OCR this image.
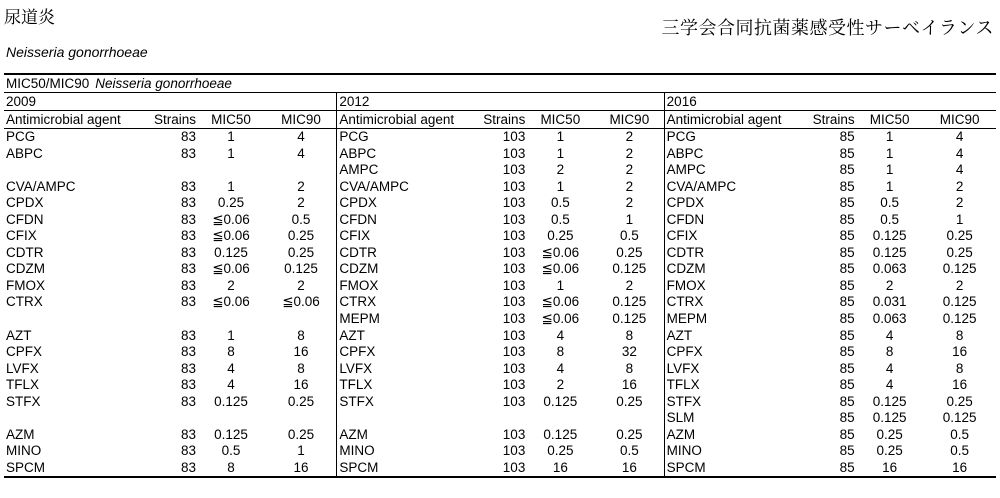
尿道炎
三学会合同抗菌薬感受性サーベイランス
Neisseria gonorrhoeae
MIC50/MIC90 Neisseria gonorrhoeae
2009
Antimicrobial agent	Strains	MIC50	MIC90
PCG	83	1	4
ABPC	83	1	4
CVA/AMPC	83	1	2
CPDX	83	0.25	2
CFDN	83	≦0.06	0.5
CFIX	83	≦0.06	0.25
CDTR	83	0.125	0.25
CDZM	83	≦0.06	0.125
FMOX	83	2	2
CTRX	83	≦0.06	≦0.06
AZT	83	1	8
CPFX	83	8	16
LVFX	83	4	8
TFLX	83	4	16
STFX	83	0.125	0.25
AZM	83	0.125	0.25
MINO	83	0.5	1
SPCM	83	8	16
2012
Antimicrobial agent	Strains	MIC50	MIC90
PCG	103	1	2
ABPC	103	1	2
AMPC	103	2	2
CVA/AMPC	103	1	2
CPDX	103	0.5	2
CFDN	103	0.5	1
CFIX	103	0.25	0.5
CDTR	103	≦0.06	0.25
CDZM	103	≦0.06	0.125
FMOX	103	1	2
CTRX	103	≦0.06	0.125
MEPM	103	≦0.06	0.125
AZT	103	4	8
CPFX	103	8	32
LVFX	103	4	8
TFLX	103	2	16
STFX	103	0.125	0.25
AZM	103	0.125	0.25
MINO	103	0.25	0.5
SPCM	103	16	16
2016
Antimicrobial agent	Strains	MIC50	MIC90
PCG	85	1	4
ABPC	85	1	4
AMPC	85	1	4
CVA/AMPC	85	1	2
CPDX	85	0.5	2
CFDN	85	0.5	1
CFIX	85	0.125	0.25
CDTR	85	0.125	0.25
CDZM	85	0.063	0.125
FMOX	85	2	2
CTRX	85	0.031	0.125
MEPM	85	0.063	0.125
AZT	85	4	8
CPFX	85	8	16
LVFX	85	4	8
TFLX	85	4	16
STFX	85	0.125	0.25
SLM	85	0.125	0.125
AZM	85	0.25	0.5
MINO	85	0.25	0.5
SPCM	85	16	16
